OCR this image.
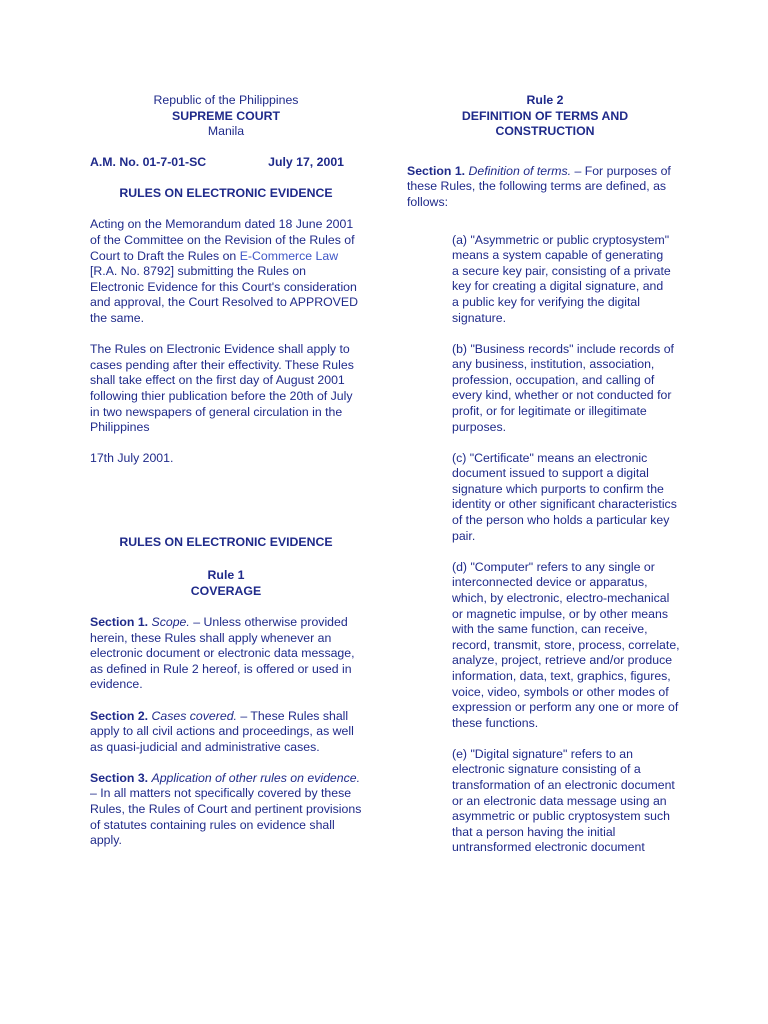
Republic of the Philippines

SUPREME COURT

Manila

A.M. No. 01-7-01-SC	July 17, 2001

RULES ON ELECTRONIC EVIDENCE

Acting on the Memorandum dated 18 June 2001 of the Committee on the Revision of the Rules of Court to Draft the Rules on E-Commerce Law [R.A. No. 8792] submitting the Rules on Electronic Evidence for this Court's consideration and approval, the Court Resolved to APPROVED the same.

The Rules on Electronic Evidence shall apply to cases pending after their effectivity. These Rules shall take effect on the first day of August 2001 following thier publication before the 20th of July in two newspapers of general circulation in the Philippines

17th July 2001.

RULES ON ELECTRONIC EVIDENCE

Rule 1

COVERAGE

Section 1. Scope. – Unless otherwise provided herein, these Rules shall apply whenever an electronic document or electronic data message, as defined in Rule 2 hereof, is offered or used in evidence.

Section 2. Cases covered. – These Rules shall apply to all civil actions and proceedings, as well as quasi-judicial and administrative cases.

Section 3. Application of other rules on evidence. – In all matters not specifically covered by these Rules, the Rules of Court and pertinent provisions of statutes containing rules on evidence shall apply.

Rule 2

DEFINITION OF TERMS AND CONSTRUCTION

Section 1. Definition of terms. – For purposes of these Rules, the following terms are defined, as follows:

(a) "Asymmetric or public cryptosystem" means a system capable of generating a secure key pair, consisting of a private key for creating a digital signature, and a public key for verifying the digital signature.

(b) "Business records" include records of any business, institution, association, profession, occupation, and calling of every kind, whether or not conducted for profit, or for legitimate or illegitimate purposes.

(c) "Certificate" means an electronic document issued to support a digital signature which purports to confirm the identity or other significant characteristics of the person who holds a particular key pair.

(d) "Computer" refers to any single or interconnected device or apparatus, which, by electronic, electro-mechanical or magnetic impulse, or by other means with the same function, can receive, record, transmit, store, process, correlate, analyze, project, retrieve and/or produce information, data, text, graphics, figures, voice, video, symbols or other modes of expression or perform any one or more of these functions.

(e) "Digital signature" refers to an electronic signature consisting of a transformation of an electronic document or an electronic data message using an asymmetric or public cryptosystem such that a person having the initial untransformed electronic document
